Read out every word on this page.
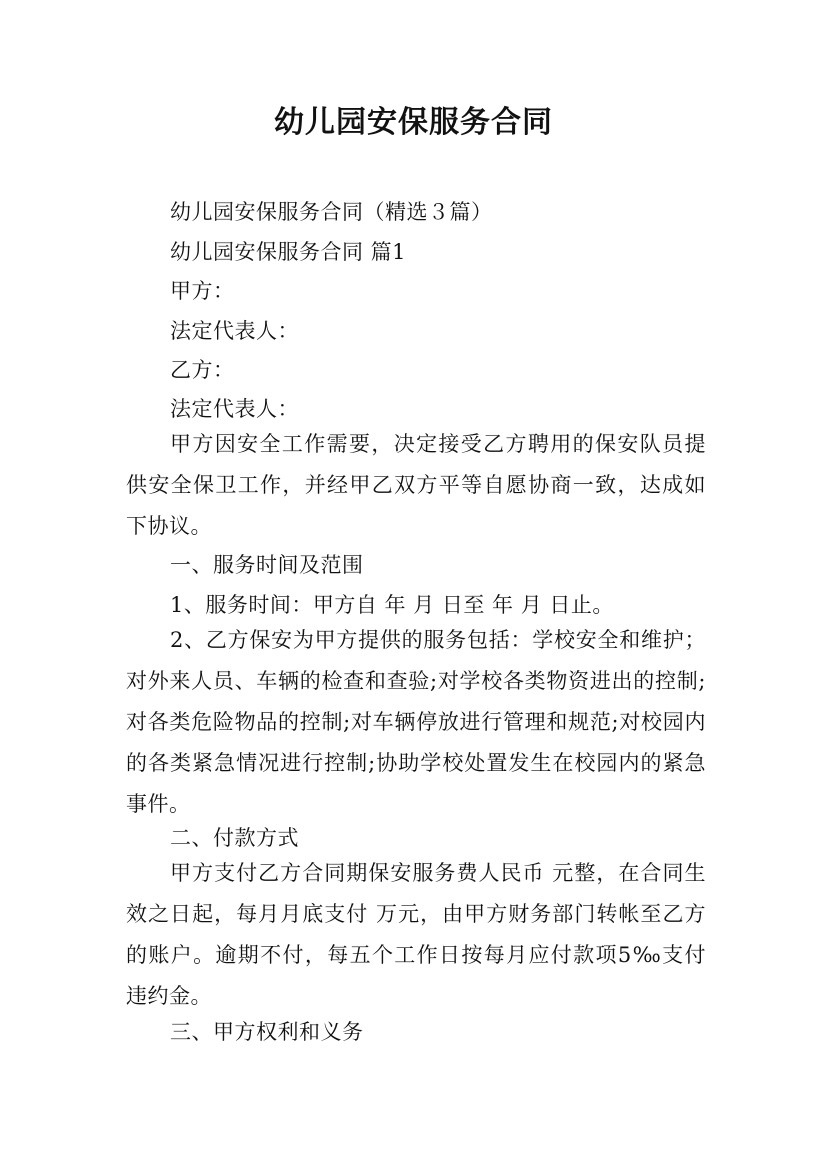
幼儿园安保服务合同
幼儿园安保服务合同（精选３篇）
幼儿园安保服务合同 篇1
甲方：
法定代表人：
乙方：
法定代表人：
甲方因安全工作需要，决定接受乙方聘用的保安队员提供安全保卫工作，并经甲乙双方平等自愿协商一致，达成如下协议。
一、服务时间及范围
1、服务时间：甲方自 年 月 日至 年 月 日止。
2、乙方保安为甲方提供的服务包括：学校安全和维护；对外来人员、车辆的检查和查验;对学校各类物资进出的控制;对各类危险物品的控制;对车辆停放进行管理和规范;对校园内的各类紧急情况进行控制;协助学校处置发生在校园内的紧急事件。
二、付款方式
甲方支付乙方合同期保安服务费人民币 元整，在合同生效之日起，每月月底支付 万元，由甲方财务部门转帐至乙方的账户。逾期不付，每五个工作日按每月应付款项5‰支付违约金。
三、甲方权利和义务
